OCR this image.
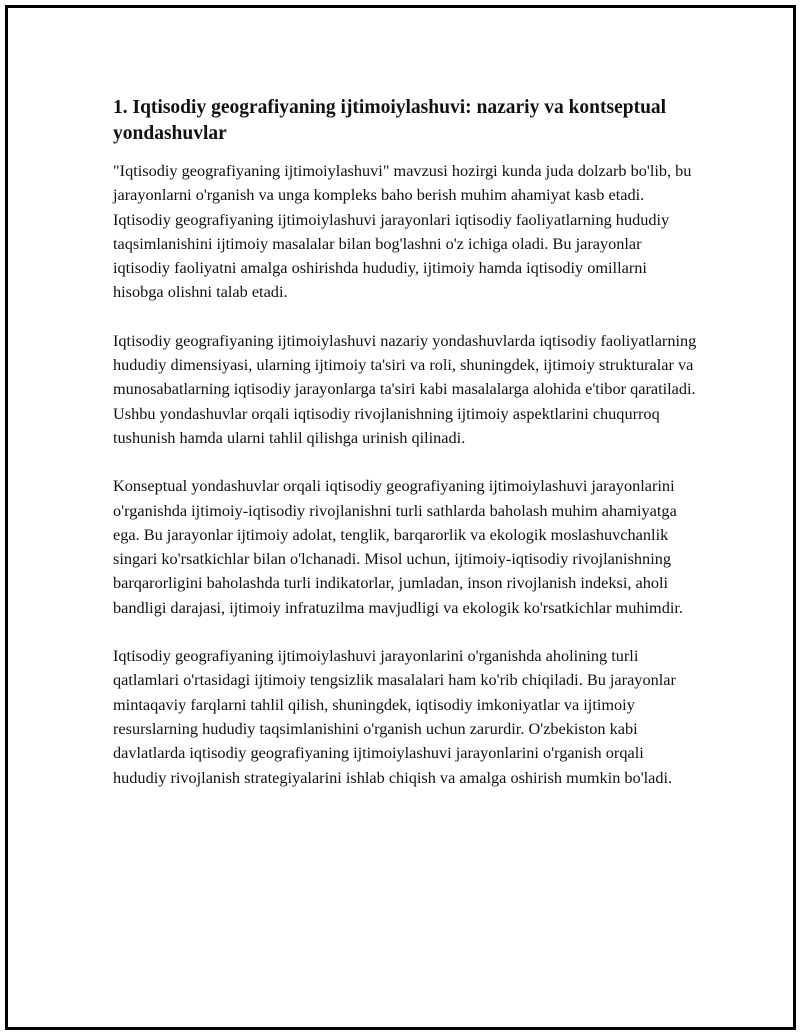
1. Iqtisodiy geografiyaning ijtimoiylashuvi: nazariy va kontseptual yondashuvlar

"Iqtisodiy geografiyaning ijtimoiylashuvi" mavzusi hozirgi kunda juda dolzarb bo'lib, bu jarayonlarni o'rganish va unga kompleks baho berish muhim ahamiyat kasb etadi. Iqtisodiy geografiyaning ijtimoiylashuvi jarayonlari iqtisodiy faoliyatlarning hududiy taqsimlanishini ijtimoiy masalalar bilan bog'lashni o'z ichiga oladi. Bu jarayonlar iqtisodiy faoliyatni amalga oshirishda hududiy, ijtimoiy hamda iqtisodiy omillarni hisobga olishni talab etadi.

Iqtisodiy geografiyaning ijtimoiylashuvi nazariy yondashuvlarda iqtisodiy faoliyatlarning hududiy dimensiyasi, ularning ijtimoiy ta'siri va roli, shuningdek, ijtimoiy strukturalar va munosabatlarning iqtisodiy jarayonlarga ta'siri kabi masalalarga alohida e'tibor qaratiladi. Ushbu yondashuvlar orqali iqtisodiy rivojlanishning ijtimoiy aspektlarini chuqurroq tushunish hamda ularni tahlil qilishga urinish qilinadi.

Konseptual yondashuvlar orqali iqtisodiy geografiyaning ijtimoiylashuvi jarayonlarini o'rganishda ijtimoiy-iqtisodiy rivojlanishni turli sathlarda baholash muhim ahamiyatga ega. Bu jarayonlar ijtimoiy adolat, tenglik, barqarorlik va ekologik moslashuvchanlik singari ko'rsatkichlar bilan o'lchanadi. Misol uchun, ijtimoiy-iqtisodiy rivojlanishning barqarorligini baholashda turli indikatorlar, jumladan, inson rivojlanish indeksi, aholi bandligi darajasi, ijtimoiy infratuzilma mavjudligi va ekologik ko'rsatkichlar muhimdir.

Iqtisodiy geografiyaning ijtimoiylashuvi jarayonlarini o'rganishda aholining turli qatlamlari o'rtasidagi ijtimoiy tengsizlik masalalari ham ko'rib chiqiladi. Bu jarayonlar mintaqaviy farqlarni tahlil qilish, shuningdek, iqtisodiy imkoniyatlar va ijtimoiy resurslarning hududiy taqsimlanishini o'rganish uchun zarurdir. O'zbekiston kabi davlatlarda iqtisodiy geografiyaning ijtimoiylashuvi jarayonlarini o'rganish orqali hududiy rivojlanish strategiyalarini ishlab chiqish va amalga oshirish mumkin bo'ladi.
